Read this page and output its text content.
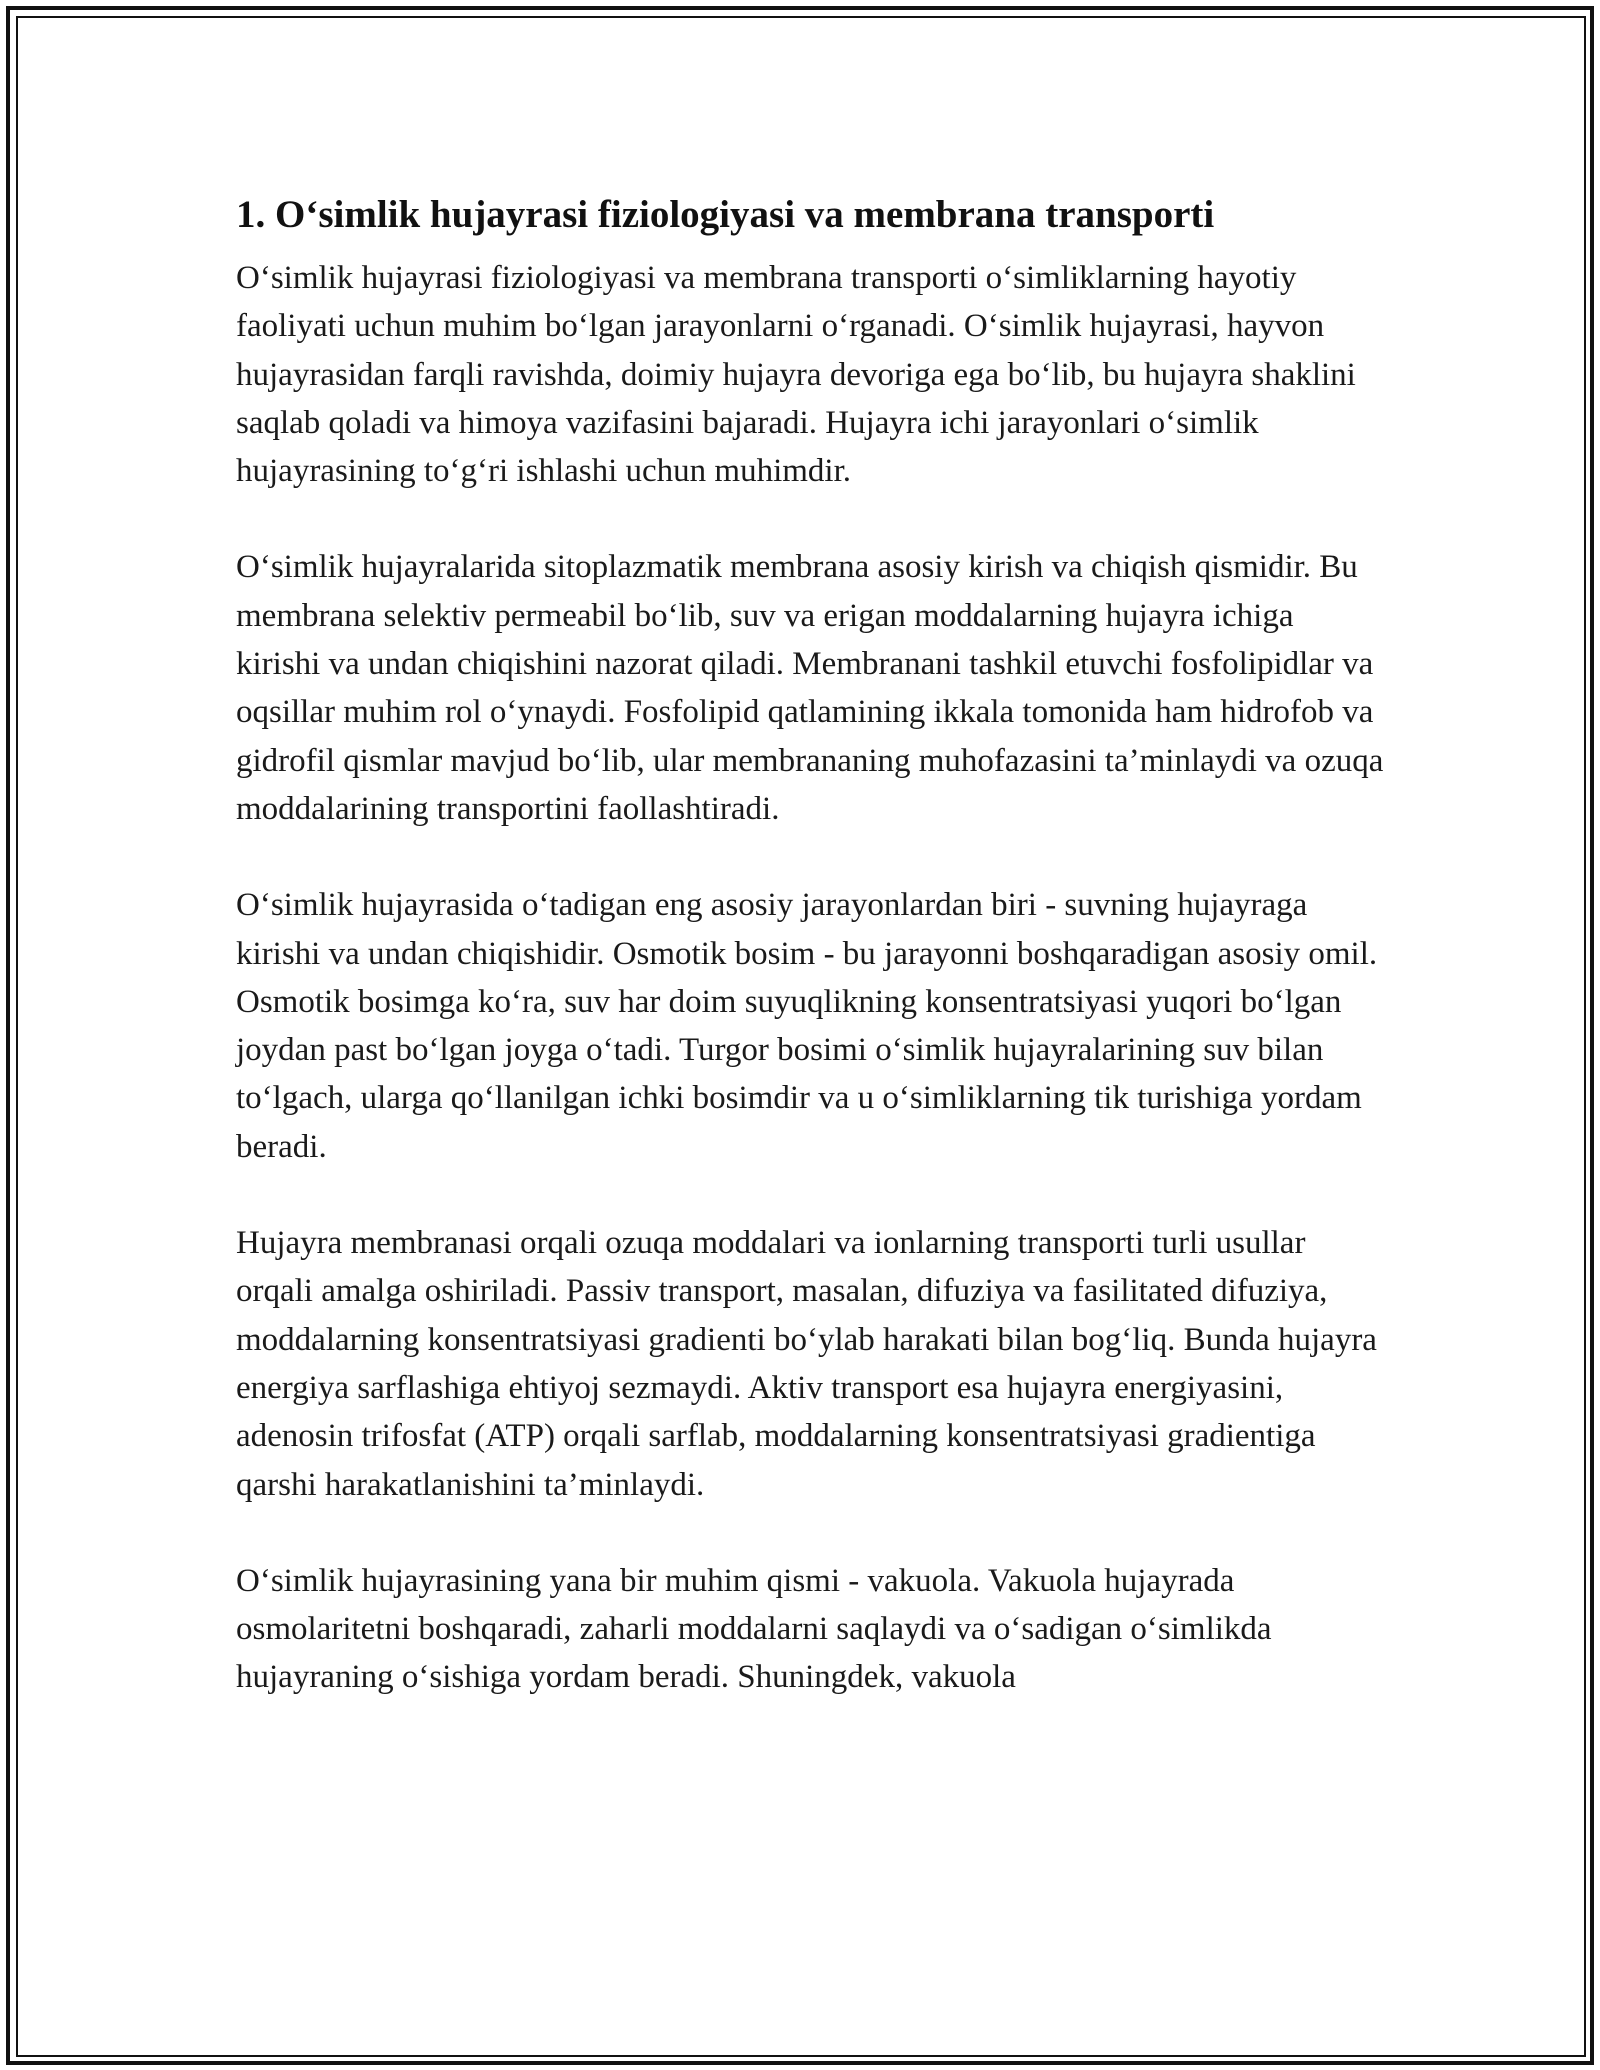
1. O‘simlik hujayrasi fiziologiyasi va membrana transporti

O‘simlik hujayrasi fiziologiyasi va membrana transporti o‘simliklarning hayotiy faoliyati uchun muhim bo‘lgan jarayonlarni o‘rganadi. O‘simlik hujayrasi, hayvon hujayrasidan farqli ravishda, doimiy hujayra devoriga ega bo‘lib, bu hujayra shaklini saqlab qoladi va himoya vazifasini bajaradi. Hujayra ichi jarayonlari o‘simlik hujayrasining to‘g‘ri ishlashi uchun muhimdir.

O‘simlik hujayralarida sitoplazmatik membrana asosiy kirish va chiqish qismidir. Bu membrana selektiv permeabil bo‘lib, suv va erigan moddalarning hujayra ichiga kirishi va undan chiqishini nazorat qiladi. Membranani tashkil etuvchi fosfolipidlar va oqsillar muhim rol o‘ynaydi. Fosfolipid qatlamining ikkala tomonida ham hidrofob va gidrofil qismlar mavjud bo‘lib, ular membrananing muhofazasini ta’minlaydi va ozuqa moddalarining transportini faollashtiradi.

O‘simlik hujayrasida o‘tadigan eng asosiy jarayonlardan biri - suvning hujayraga kirishi va undan chiqishidir. Osmotik bosim - bu jarayonni boshqaradigan asosiy omil. Osmotik bosimga ko‘ra, suv har doim suyuqlikning konsentratsiyasi yuqori bo‘lgan joydan past bo‘lgan joyga o‘tadi. Turgor bosimi o‘simlik hujayralarining suv bilan to‘lgach, ularga qo‘llanilgan ichki bosimdir va u o‘simliklarning tik turishiga yordam beradi.

Hujayra membranasi orqali ozuqa moddalari va ionlarning transporti turli usullar orqali amalga oshiriladi. Passiv transport, masalan, difuziya va fasilitated difuziya, moddalarning konsentratsiyasi gradienti bo‘ylab harakati bilan bog‘liq. Bunda hujayra energiya sarflashiga ehtiyoj sezmaydi. Aktiv transport esa hujayra energiyasini, adenosin trifosfat (ATP) orqali sarflab, moddalarning konsentratsiyasi gradientiga qarshi harakatlanishini ta’minlaydi.

O‘simlik hujayrasining yana bir muhim qismi - vakuola. Vakuola hujayrada osmolaritetni boshqaradi, zaharli moddalarni saqlaydi va o‘sadigan o‘simlikda hujayraning o‘sishiga yordam beradi. Shuningdek, vakuola
